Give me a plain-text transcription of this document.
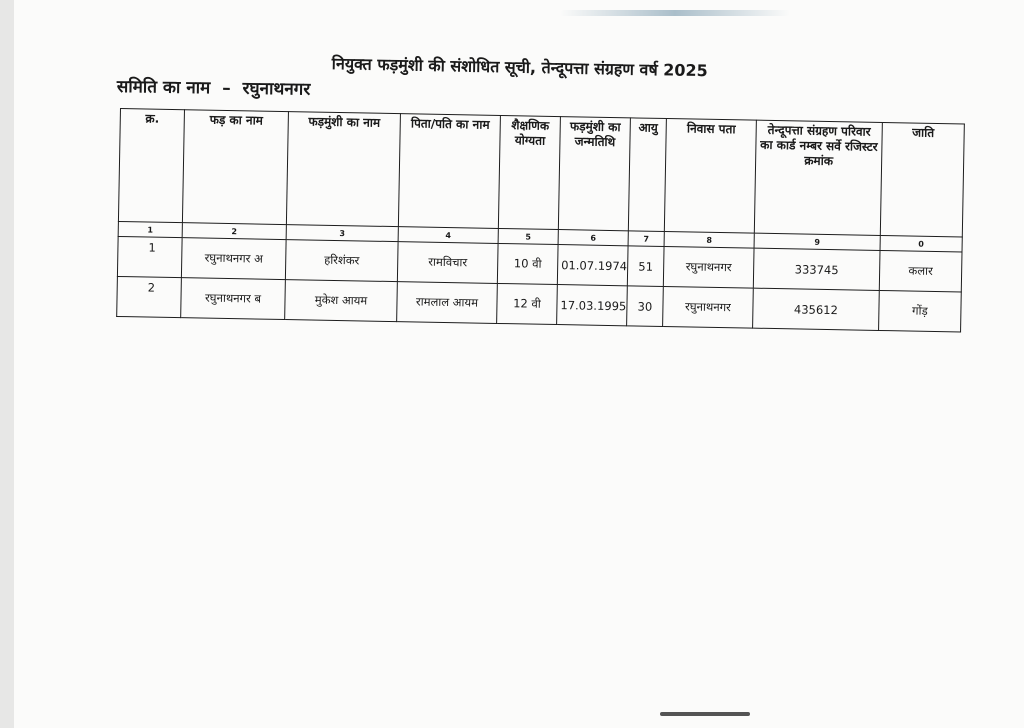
नियुक्त फड़मुंशी की संशोधित सूची, तेन्दूपत्ता संग्रहण वर्ष 2025
समिति का नाम – रघुनाथनगर
क्र.	फड़ का नाम	फड़मुंशी का नाम	पिता/पति का नाम	शैक्षणिक योग्यता	फड़मुंशी का जन्मतिथि	आयु	निवास पता	तेन्दूपत्ता संग्रहण परिवार का कार्ड नम्बर सर्वे रजिस्टर क्रमांक	जाति
1	2	3	4	5	6	7	8	9	0
1	रघुनाथनगर अ	हरिशंकर	रामविचार	10 वी	01.07.1974	51	रघुनाथनगर	333745	कलार
2	रघुनाथनगर ब	मुकेश आयम	रामलाल आयम	12 वी	17.03.1995	30	रघुनाथनगर	435612	गोंड़
